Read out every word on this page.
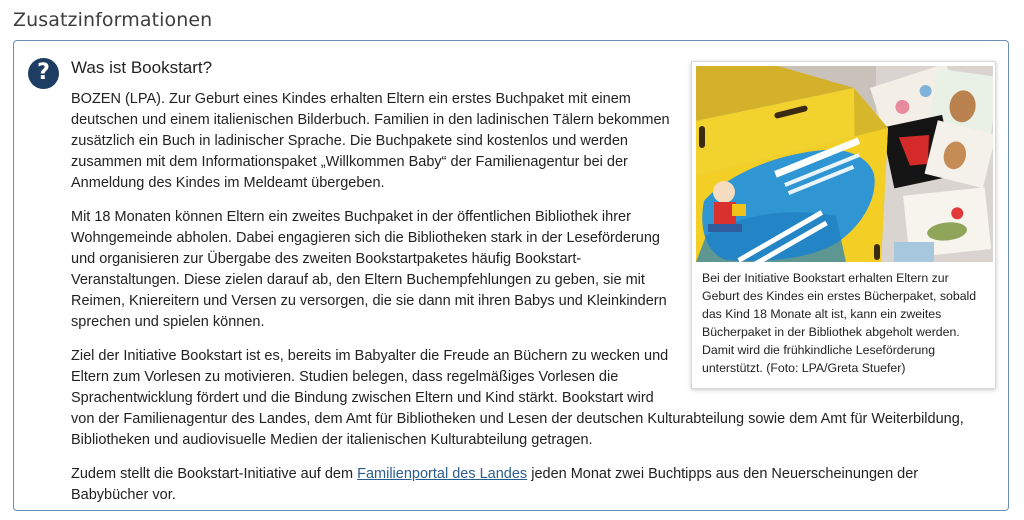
Zusatzinformationen
? Was ist Bookstart?
Bei der Initiative Bookstart erhalten Eltern zur Geburt des Kindes ein erstes Bücherpaket, sobald das Kind 18 Monate alt ist, kann ein zweites Bücherpaket in der Bibliothek abgeholt werden. Damit wird die frühkindliche Leseförderung unterstützt. (Foto: LPA/Greta Stuefer)

BOZEN (LPA). Zur Geburt eines Kindes erhalten Eltern ein erstes Buchpaket mit einem deutschen und einem italienischen Bilderbuch. Familien in den ladinischen Tälern bekommen zusätzlich ein Buch in ladinischer Sprache. Die Buchpakete sind kostenlos und werden zusammen mit dem Informationspaket „Willkommen Baby“ der Familienagentur bei der Anmeldung des Kindes im Meldeamt übergeben.

Mit 18 Monaten können Eltern ein zweites Buchpaket in der öffentlichen Bibliothek ihrer Wohngemeinde abholen. Dabei engagieren sich die Bibliotheken stark in der Leseförderung und organisieren zur Übergabe des zweiten Bookstartpaketes häufig Bookstart-Veranstaltungen. Diese zielen darauf ab, den Eltern Buchempfehlungen zu geben, sie mit Reimen, Kniereitern und Versen zu versorgen, die sie dann mit ihren Babys und Kleinkindern sprechen und spielen können.

Ziel der Initiative Bookstart ist es, bereits im Babyalter die Freude an Büchern zu wecken und Eltern zum Vorlesen zu motivieren. Studien belegen, dass regelmäßiges Vorlesen die Sprachentwicklung fördert und die Bindung zwischen Eltern und Kind stärkt. Bookstart wird von der Familienagentur des Landes, dem Amt für Bibliotheken und Lesen der deutschen Kulturabteilung sowie dem Amt für Weiterbildung, Bibliotheken und audiovisuelle Medien der italienischen Kulturabteilung getragen.

Zudem stellt die Bookstart-Initiative auf dem Familienportal des Landes jeden Monat zwei Buchtipps aus den Neuerscheinungen der Babybücher vor.
